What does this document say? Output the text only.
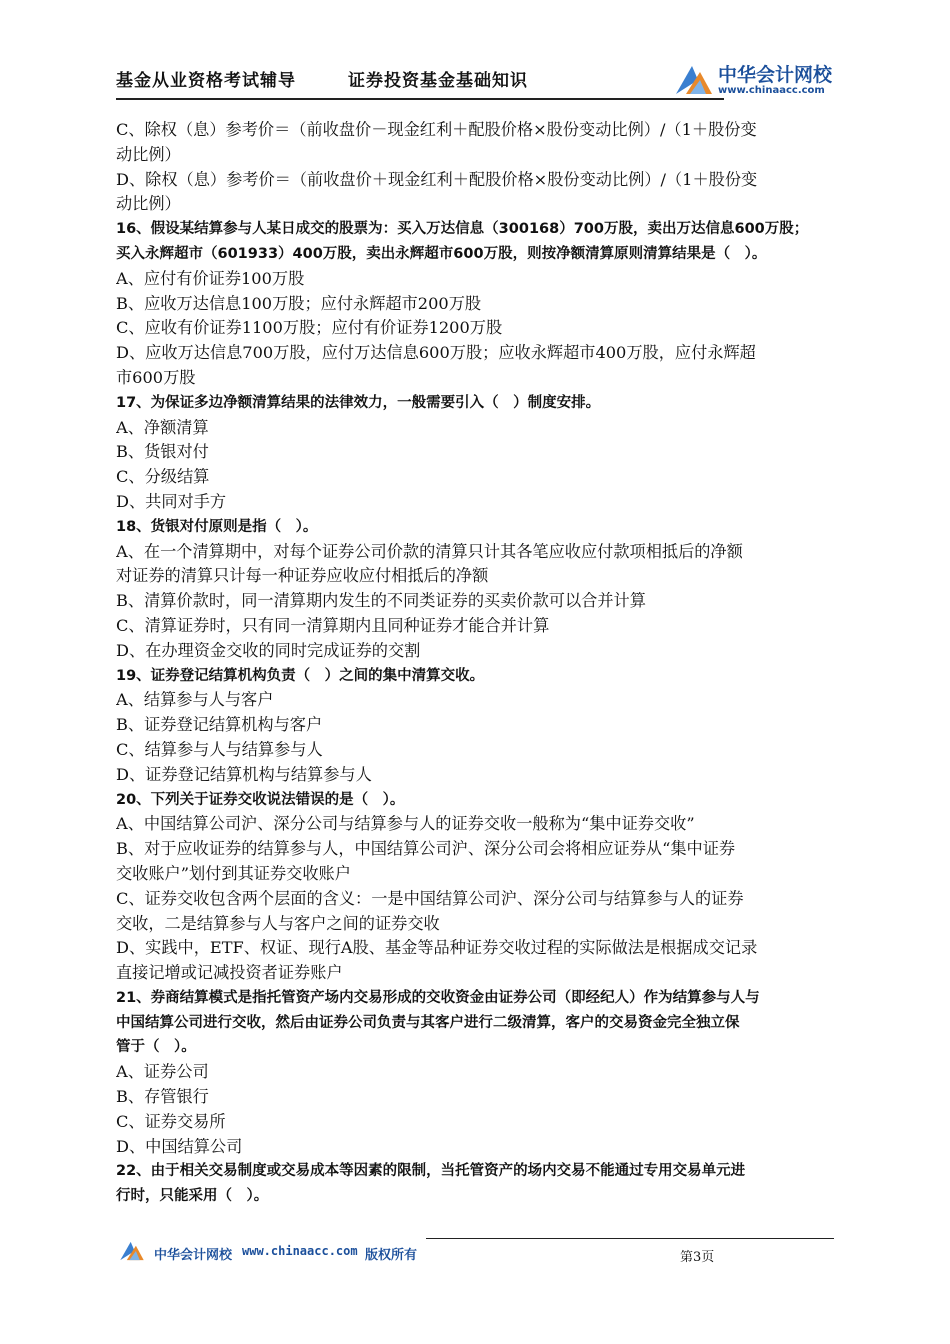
基金从业资格考试辅导	证券投资基金基础知识	中华会计网校
www.chinaacc.com
C、除权（息）参考价＝（前收盘价－现金红利＋配股价格×股份变动比例）/（1＋股份变
动比例）
D、除权（息）参考价＝（前收盘价＋现金红利＋配股价格×股份变动比例）/（1＋股份变
动比例）
16、假设某结算参与人某日成交的股票为：买入万达信息（300168）700万股，卖出万达信息600万股；
买入永辉超市（601933）400万股，卖出永辉超市600万股，则按净额清算原则清算结果是（　）。
A、应付有价证券100万股
B、应收万达信息100万股；应付永辉超市200万股
C、应收有价证券1100万股；应付有价证券1200万股
D、应收万达信息700万股，应付万达信息600万股；应收永辉超市400万股，应付永辉超
市600万股
17、为保证多边净额清算结果的法律效力，一般需要引入（　）制度安排。
A、净额清算
B、货银对付
C、分级结算
D、共同对手方
18、货银对付原则是指（　）。
A、在一个清算期中，对每个证券公司价款的清算只计其各笔应收应付款项相抵后的净额
对证券的清算只计每一种证券应收应付相抵后的净额
B、清算价款时，同一清算期内发生的不同类证券的买卖价款可以合并计算
C、清算证券时，只有同一清算期内且同种证券才能合并计算
D、在办理资金交收的同时完成证券的交割
19、证券登记结算机构负责（　）之间的集中清算交收。
A、结算参与人与客户
B、证券登记结算机构与客户
C、结算参与人与结算参与人
D、证券登记结算机构与结算参与人
20、下列关于证券交收说法错误的是（　）。
A、中国结算公司沪、深分公司与结算参与人的证券交收一般称为“集中证券交收”
B、对于应收证券的结算参与人，中国结算公司沪、深分公司会将相应证券从“集中证券
交收账户”划付到其证券交收账户
C、证券交收包含两个层面的含义：一是中国结算公司沪、深分公司与结算参与人的证券
交收，二是结算参与人与客户之间的证券交收
D、实践中，ETF、权证、现行A股、基金等品种证券交收过程的实际做法是根据成交记录
直接记增或记减投资者证券账户
21、券商结算模式是指托管资产场内交易形成的交收资金由证券公司（即经纪人）作为结算参与人与
中国结算公司进行交收，然后由证券公司负责与其客户进行二级清算，客户的交易资金完全独立保
管于（　）。
A、证券公司
B、存管银行
C、证券交易所
D、中国结算公司
22、由于相关交易制度或交易成本等因素的限制，当托管资产的场内交易不能通过专用交易单元进
行时，只能采用（　）。
中华会计网校 www.chinaacc.com 版权所有	第3页
